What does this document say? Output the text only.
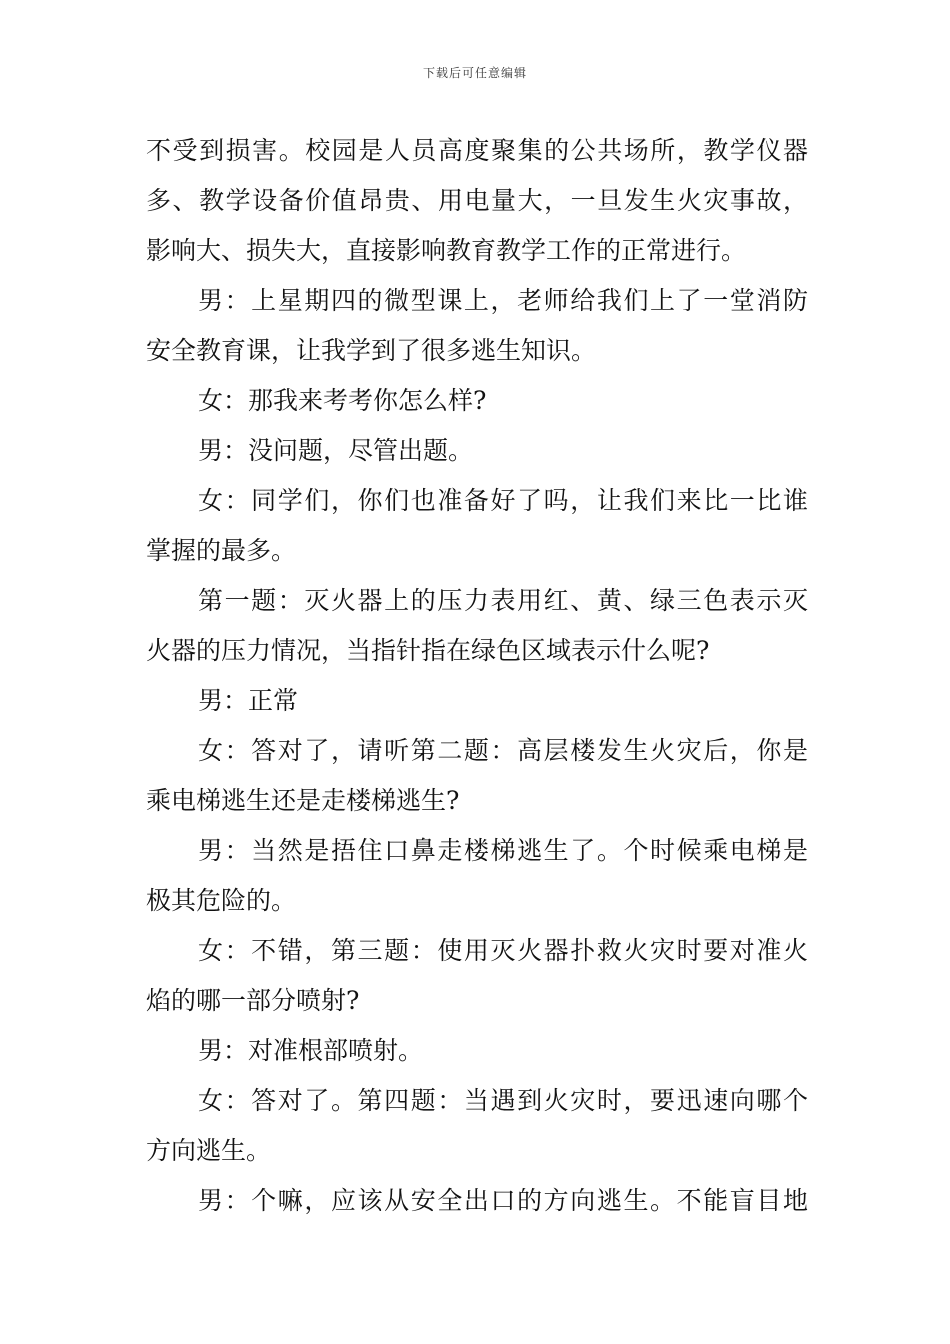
下载后可任意编辑
不受到损害。校园是人员高度聚集的公共场所，教学仪器
多、教学设备价值昂贵、用电量大，一旦发生火灾事故，
影响大、损失大，直接影响教育教学工作的正常进行。
男：上星期四的微型课上，老师给我们上了一堂消防
安全教育课，让我学到了很多逃生知识。
女：那我来考考你怎么样?
男：没问题，尽管出题。
女：同学们，你们也准备好了吗，让我们来比一比谁
掌握的最多。
第一题：灭火器上的压力表用红、黄、绿三色表示灭
火器的压力情况，当指针指在绿色区域表示什么呢?
男：正常
女：答对了，请听第二题：高层楼发生火灾后，你是
乘电梯逃生还是走楼梯逃生?
男：当然是捂住口鼻走楼梯逃生了。个时候乘电梯是
极其危险的。
女：不错，第三题：使用灭火器扑救火灾时要对准火
焰的哪一部分喷射?
男：对准根部喷射。
女：答对了。第四题：当遇到火灾时，要迅速向哪个
方向逃生。
男：个嘛，应该从安全出口的方向逃生。不能盲目地
